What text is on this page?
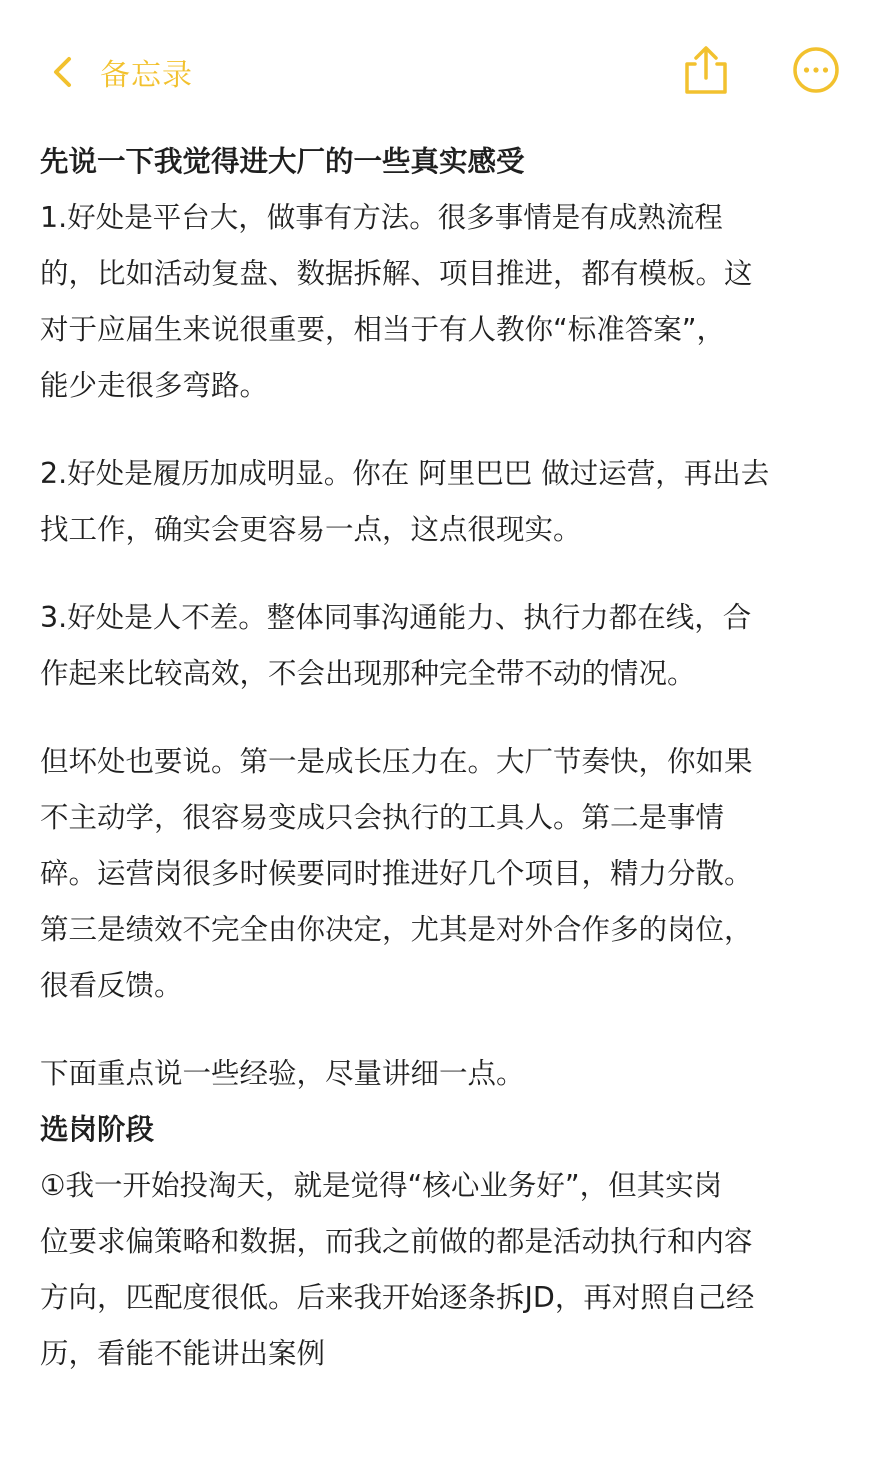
备忘录
先说一下我觉得进大厂的一些真实感受
1.好处是平台大，做事有方法。很多事情是有成熟流程
的，比如活动复盘、数据拆解、项目推进，都有模板。这
对于应届生来说很重要，相当于有人教你“标准答案”，
能少走很多弯路。
2.好处是履历加成明显。你在 阿里巴巴 做过运营，再出去
找工作，确实会更容易一点，这点很现实。
3.好处是人不差。整体同事沟通能力、执行力都在线，合
作起来比较高效，不会出现那种完全带不动的情况。
但坏处也要说。第一是成长压力在。大厂节奏快，你如果
不主动学，很容易变成只会执行的工具人。第二是事情
碎。运营岗很多时候要同时推进好几个项目，精力分散。
第三是绩效不完全由你决定，尤其是对外合作多的岗位，
很看反馈。
下面重点说一些经验，尽量讲细一点。
选岗阶段
①我一开始投淘天，就是觉得“核心业务好”，但其实岗
位要求偏策略和数据，而我之前做的都是活动执行和内容
方向，匹配度很低。后来我开始逐条拆JD，再对照自己经
历，看能不能讲出案例
